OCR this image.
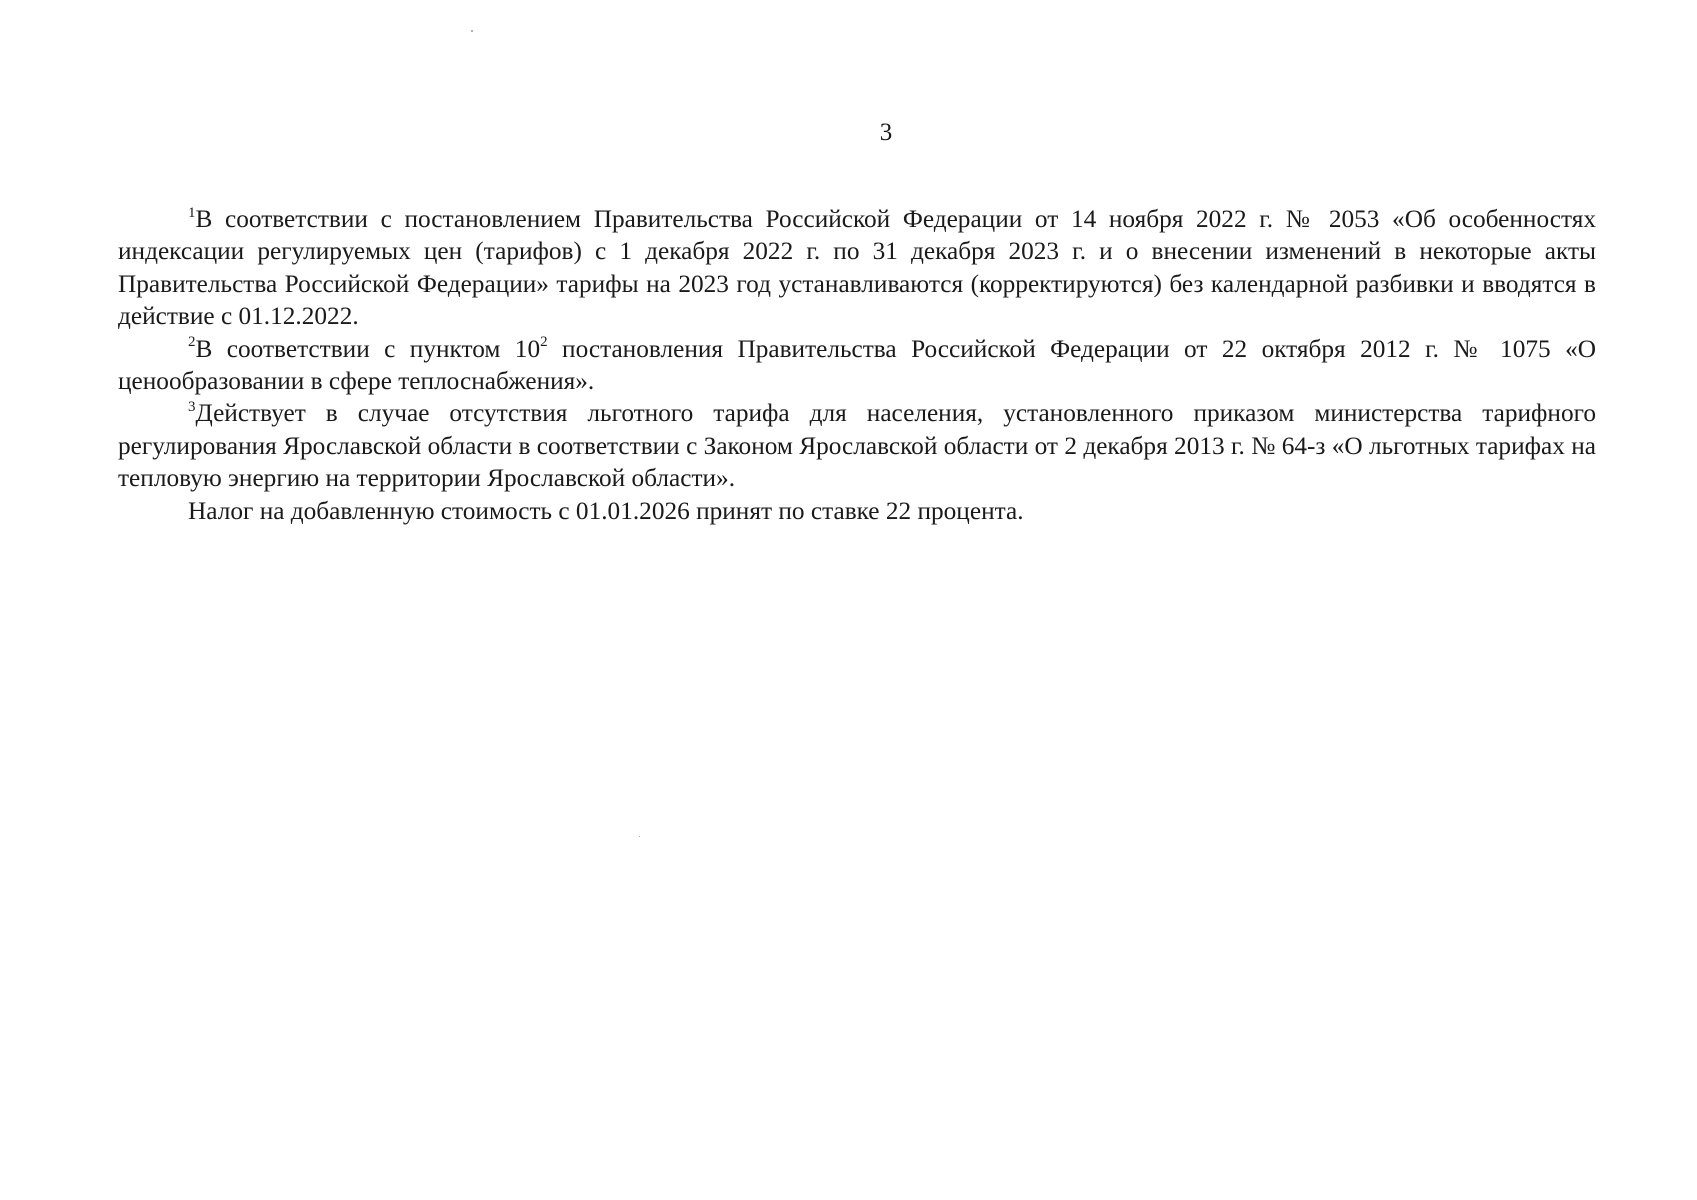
3

$^1$В соответствии с постановлением Правительства Российской Федерации от 14 ноября 2022 г. № 2053 «Об особенностях индексации регулируемых цен (тарифов) с 1 декабря 2022 г. по 31 декабря 2023 г. и о внесении изменений в некоторые акты Правительства Российской Федерации» тарифы на 2023 год устанавливаются (корректируются) без календарной разбивки и вводятся в действие с 01.12.2022.

$^2$В соответствии с пунктом $10^2$ постановления Правительства Российской Федерации от 22 октября 2012 г. № 1075 «О ценообразовании в сфере теплоснабжения».

$^3$Действует в случае отсутствия льготного тарифа для населения, установленного приказом министерства тарифного регулирования Ярославской области в соответствии с Законом Ярославской области от 2 декабря 2013 г. № 64-з «О льготных тарифах на тепловую энергию на территории Ярославской области».

Налог на добавленную стоимость с 01.01.2026 принят по ставке 22 процента.
